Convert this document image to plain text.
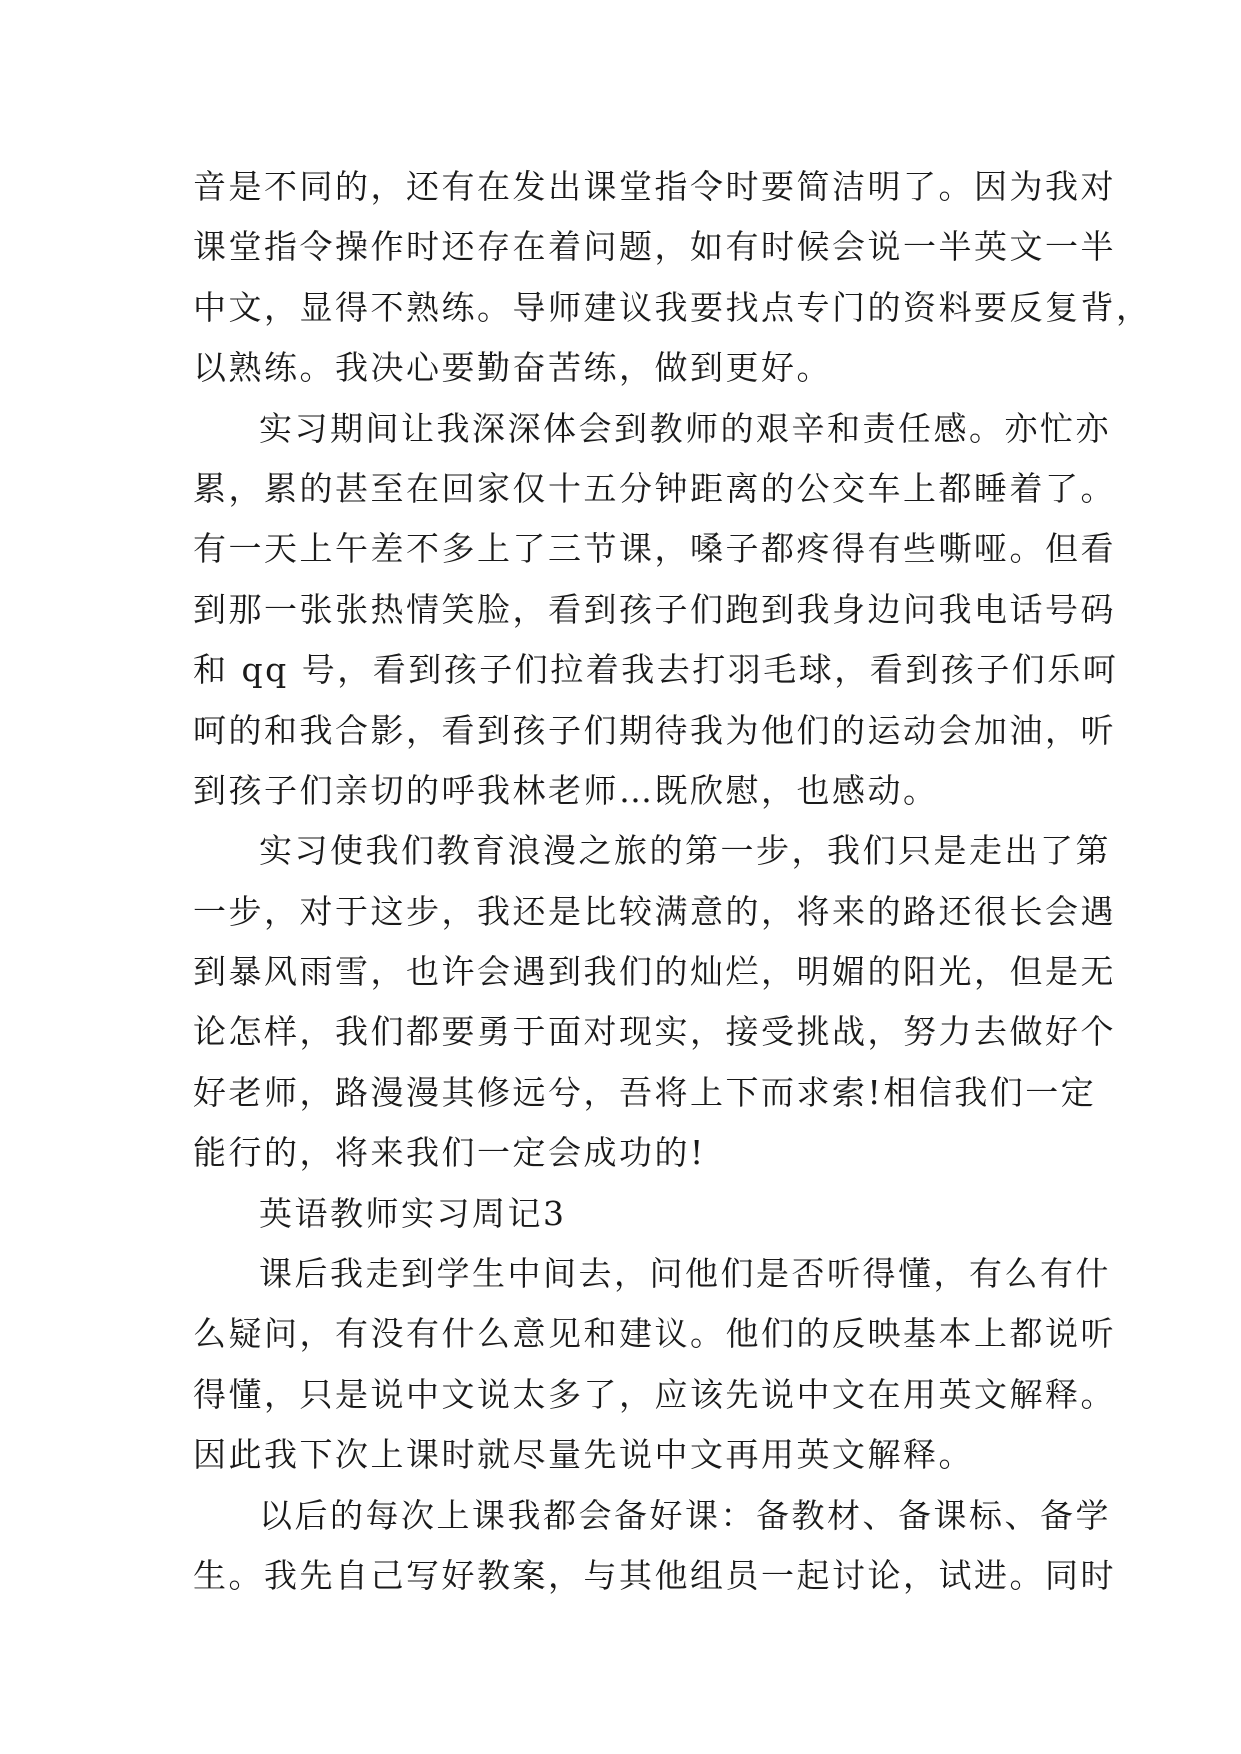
音是不同的，还有在发出课堂指令时要简洁明了。因为我对
课堂指令操作时还存在着问题，如有时候会说一半英文一半
中文，显得不熟练。导师建议我要找点专门的资料要反复背，
以熟练。我决心要勤奋苦练，做到更好。
实习期间让我深深体会到教师的艰辛和责任感。亦忙亦
累，累的甚至在回家仅十五分钟距离的公交车上都睡着了。
有一天上午差不多上了三节课，嗓子都疼得有些嘶哑。但看
到那一张张热情笑脸，看到孩子们跑到我身边问我电话号码
和 qq 号，看到孩子们拉着我去打羽毛球，看到孩子们乐呵
呵的和我合影，看到孩子们期待我为他们的运动会加油，听
到孩子们亲切的呼我林老师…既欣慰，也感动。
实习使我们教育浪漫之旅的第一步，我们只是走出了第
一步，对于这步，我还是比较满意的，将来的路还很长会遇
到暴风雨雪，也许会遇到我们的灿烂，明媚的阳光，但是无
论怎样，我们都要勇于面对现实，接受挑战，努力去做好个
好老师，路漫漫其修远兮，吾将上下而求索!相信我们一定
能行的，将来我们一定会成功的!
英语教师实习周记3
课后我走到学生中间去，问他们是否听得懂，有么有什
么疑问，有没有什么意见和建议。他们的反映基本上都说听
得懂，只是说中文说太多了，应该先说中文在用英文解释。
因此我下次上课时就尽量先说中文再用英文解释。
以后的每次上课我都会备好课：备教材、备课标、备学
生。我先自己写好教案，与其他组员一起讨论，试进。同时
